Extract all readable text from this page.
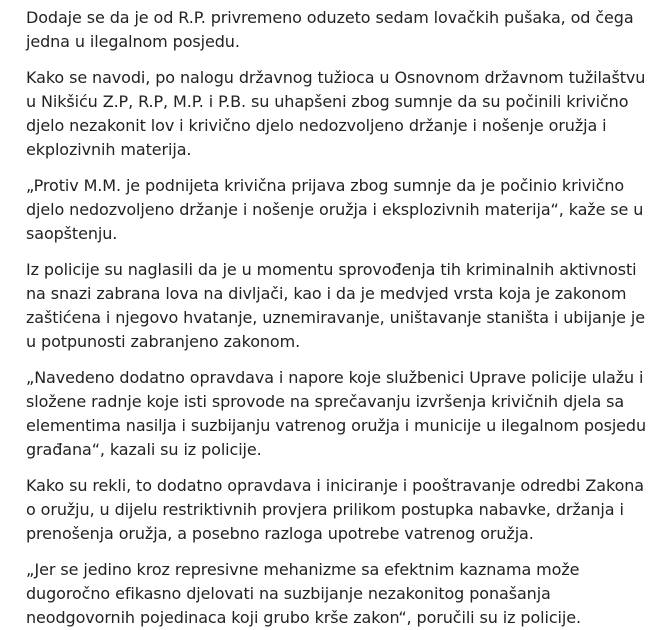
Dodaje se da je od R.P. privremeno oduzeto sedam lovačkih pušaka, od čega jedna u ilegalnom posjedu.

Kako se navodi, po nalogu državnog tužioca u Osnovnom državnom tužilaštvu u Nikšiću Z.P, R.P, M.P. i P.B. su uhapšeni zbog sumnje da su počinili krivično djelo nezakonit lov i krivično djelo nedozvoljeno držanje i nošenje oružja i ekplozivnih materija.

„Protiv M.M. je podnijeta krivična prijava zbog sumnje da je počinio krivično djelo nedozvoljeno držanje i nošenje oružja i eksplozivnih materija“, kaže se u saopštenju.

Iz policije su naglasili da je u momentu sprovođenja tih kriminalnih aktivnosti na snazi zabrana lova na divljači, kao i da je medvjed vrsta koja je zakonom zaštićena i njegovo hvatanje, uznemiravanje, uništavanje staništa i ubijanje je u potpunosti zabranjeno zakonom.

„Navedeno dodatno opravdava i napore koje službenici Uprave policije ulažu i složene radnje koje isti sprovode na sprečavanju izvršenja krivičnih djela sa elementima nasilja i suzbijanju vatrenog oružja i municije u ilegalnom posjedu građana“, kazali su iz policije.

Kako su rekli, to dodatno opravdava i iniciranje i pooštravanje odredbi Zakona o oružju, u dijelu restriktivnih provjera prilikom postupka nabavke, držanja i prenošenja oružja, a posebno razloga upotrebe vatrenog oružja.

„Jer se jedino kroz represivne mehanizme sa efektnim kaznama može dugoročno efikasno djelovati na suzbijanje nezakonitog ponašanja neodgovornih pojedinaca koji grubo krše zakon“, poručili su iz policije.
